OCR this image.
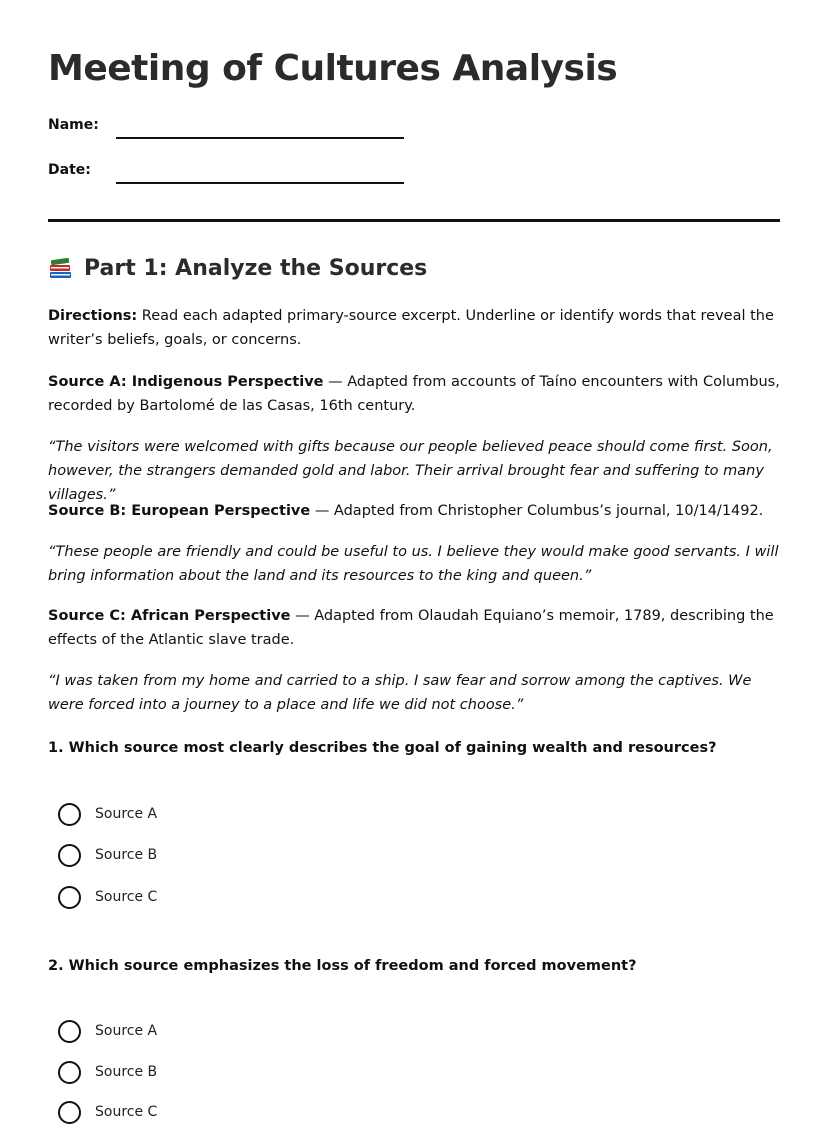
Meeting of Cultures Analysis
Name:
Date:
Part 1: Analyze the Sources
Directions: Read each adapted primary-source excerpt. Underline or identify words that reveal the writer’s beliefs, goals, or concerns.
Source A: Indigenous Perspective — Adapted from accounts of Taíno encounters with Columbus, recorded by Bartolomé de las Casas, 16th century.
“The visitors were welcomed with gifts because our people believed peace should come first. Soon, however, the strangers demanded gold and labor. Their arrival brought fear and suffering to many villages.”
Source B: European Perspective — Adapted from Christopher Columbus’s journal, 10/14/1492.
“These people are friendly and could be useful to us. I believe they would make good servants. I will bring information about the land and its resources to the king and queen.”
Source C: African Perspective — Adapted from Olaudah Equiano’s memoir, 1789, describing the effects of the Atlantic slave trade.
“I was taken from my home and carried to a ship. I saw fear and sorrow among the captives. We were forced into a journey to a place and life we did not choose.”
1. Which source most clearly describes the goal of gaining wealth and resources?
Source A
Source B
Source C
2. Which source emphasizes the loss of freedom and forced movement?
Source A
Source B
Source C
